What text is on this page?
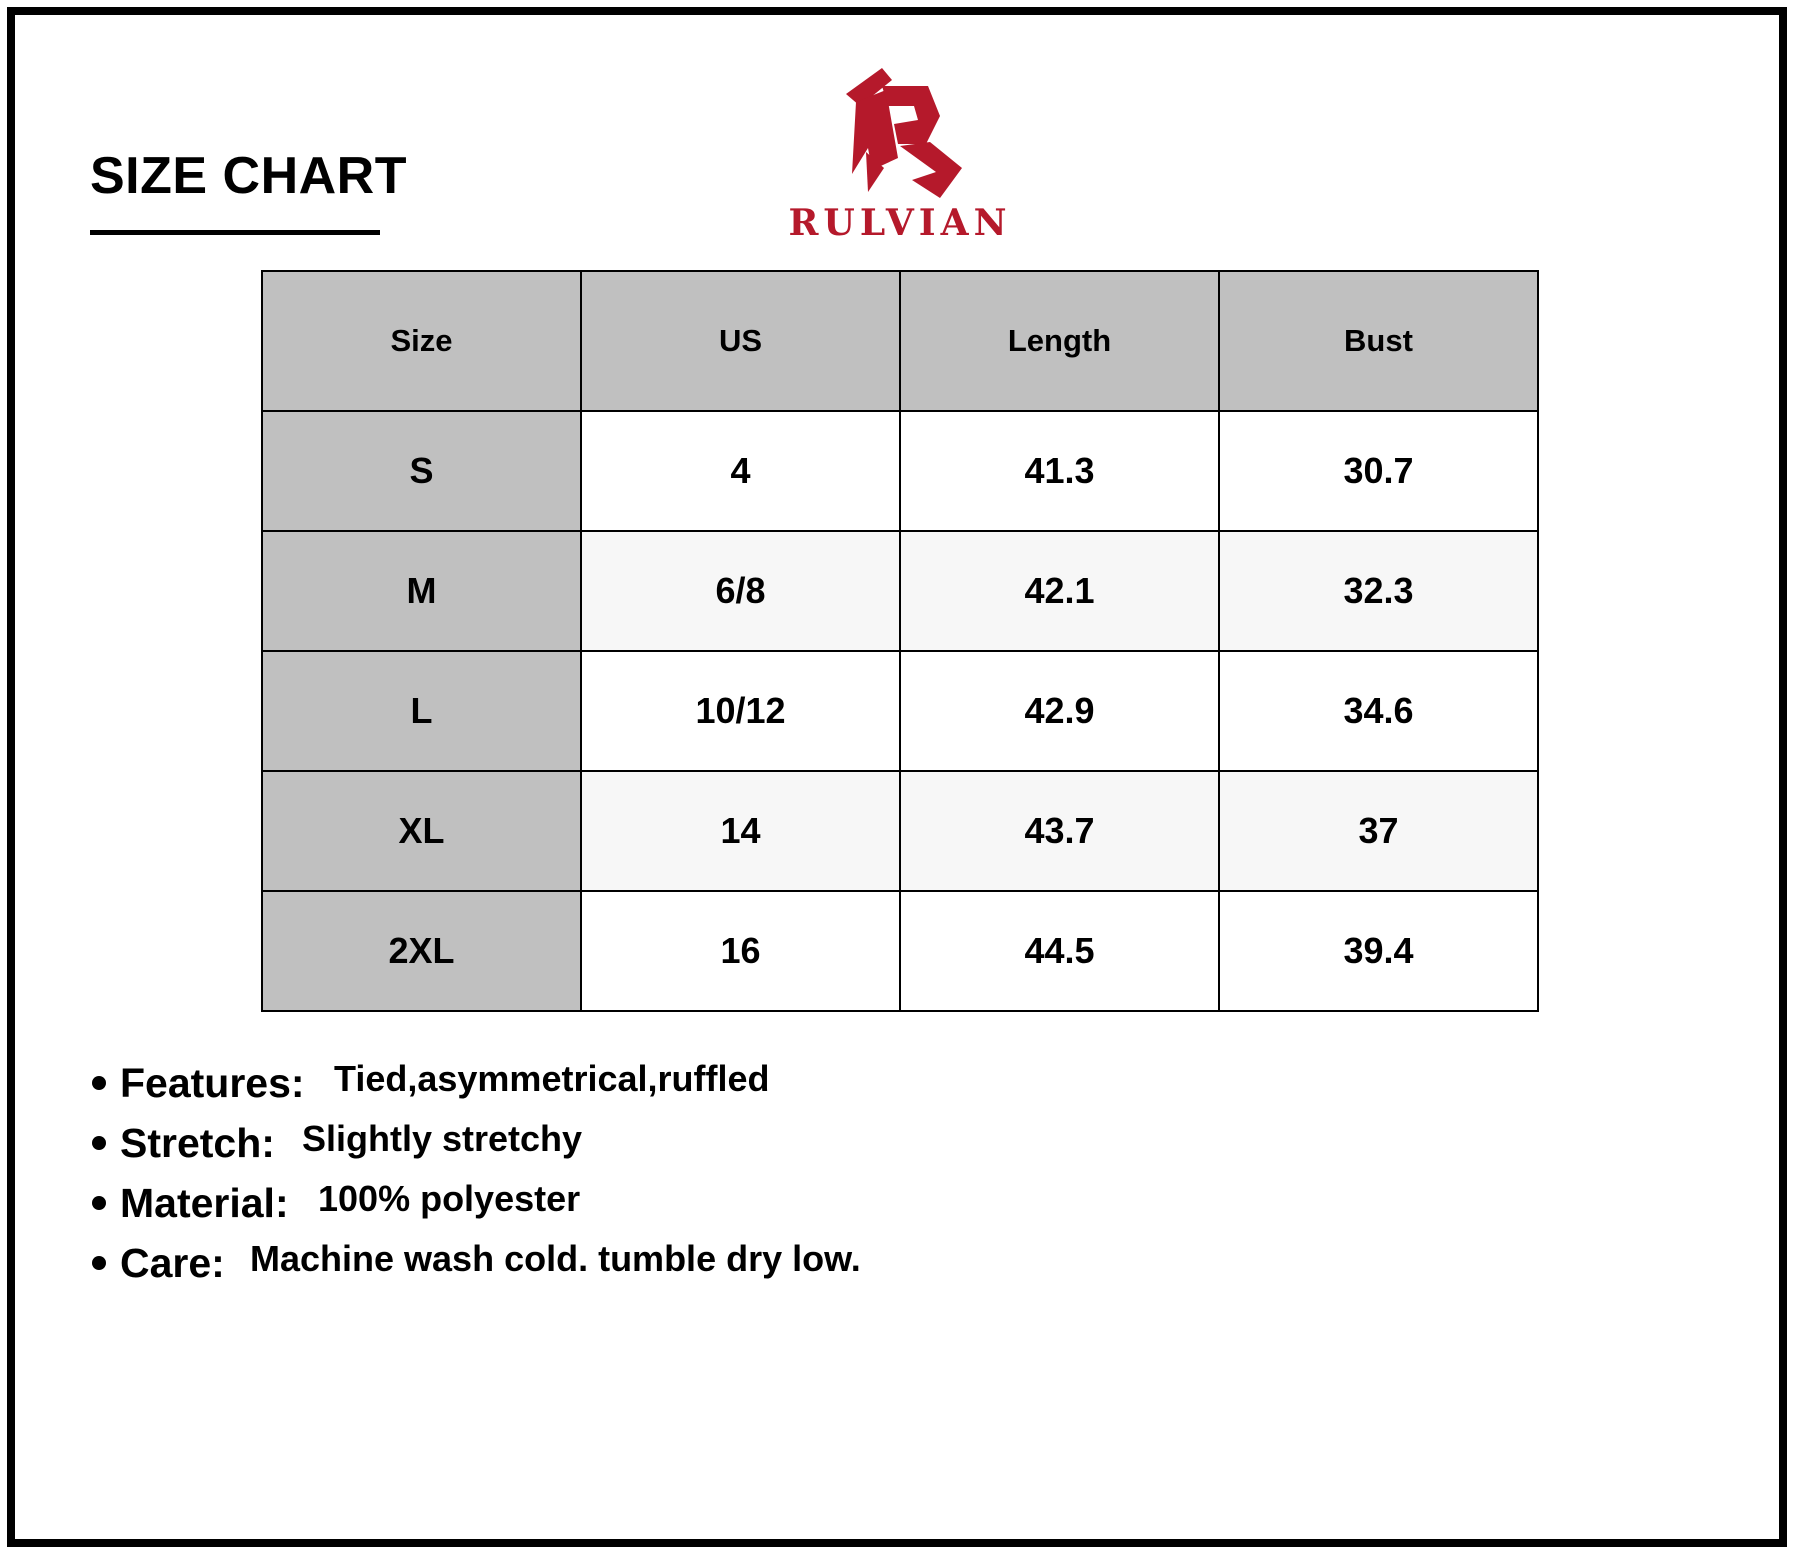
SIZE CHART
RULVIAN
Size	US	Length	Bust
S	4	41.3	30.7
M	6/8	42.1	32.3
L	10/12	42.9	34.6
XL	14	43.7	37
2XL	16	44.5	39.4
Features: Tied,asymmetrical,ruffled
Stretch: Slightly stretchy
Material: 100% polyester
Care: Machine wash cold. tumble dry low.
